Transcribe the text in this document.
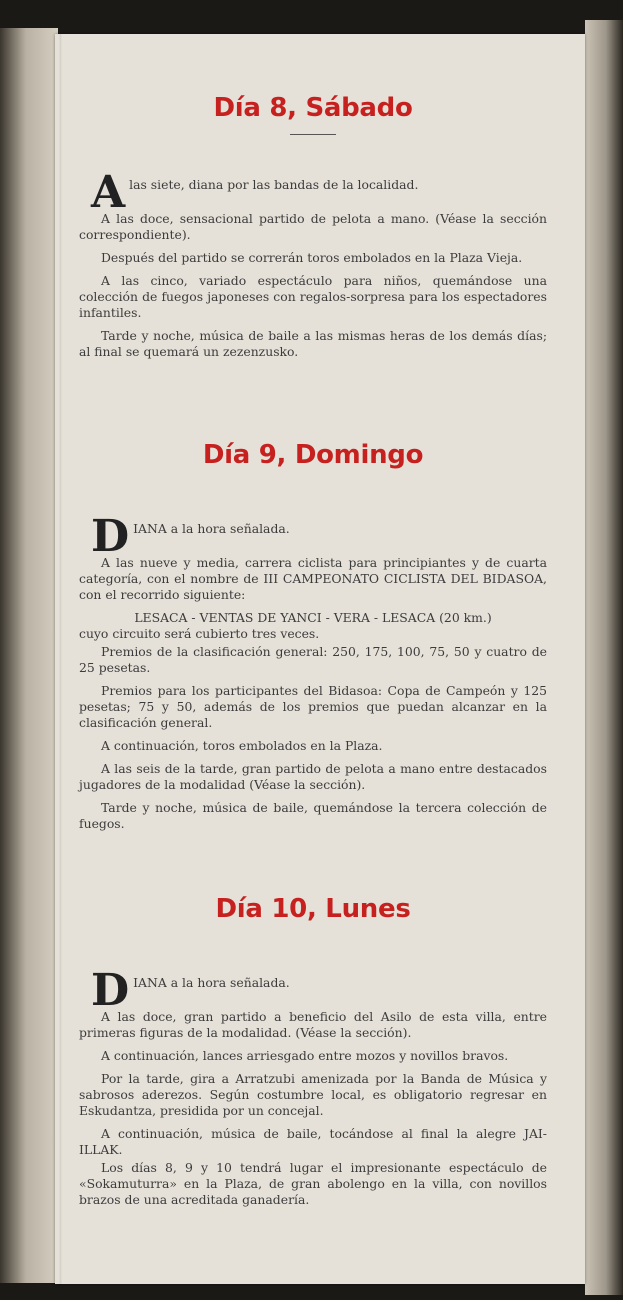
Día 8, Sábado

A las siete, diana por las bandas de la localidad.

A las doce, sensacional partido de pelota a mano. (Véase la sección correspondiente).

Después del partido se correrán toros embolados en la Plaza Vieja.

A las cinco, variado espectáculo para niños, quemándose una colección de fuegos japoneses con regalos-sorpresa para los espectadores infantiles.

Tarde y noche, música de baile a las mismas heras de los demás días; al final se quemará un zezenzusko.

Día 9, Domingo

D IANA a la hora señalada.

A las nueve y media, carrera ciclista para principiantes y de cuarta categoría, con el nombre de III CAMPEONATO CICLISTA DEL BIDASOA, con el recorrido siguiente:

LESACA - VENTAS DE YANCI - VERA - LESACA (20 km.)

cuyo circuito será cubierto tres veces.

Premios de la clasificación general: 250, 175, 100, 75, 50 y cuatro de 25 pesetas.

Premios para los participantes del Bidasoa: Copa de Campeón y 125 pesetas; 75 y 50, además de los premios que puedan alcanzar en la clasificación general.

A continuación, toros embolados en la Plaza.

A las seis de la tarde, gran partido de pelota a mano entre destacados jugadores de la modalidad (Véase la sección).

Tarde y noche, música de baile, quemándose la tercera colección de fuegos.

Día 10, Lunes

D IANA a la hora señalada.

A las doce, gran partido a beneficio del Asilo de esta villa, entre primeras figuras de la modalidad. (Véase la sección).

A continuación, lances arriesgado entre mozos y novillos bravos.

Por la tarde, gira a Arratzubi amenizada por la Banda de Música y sabrosos aderezos. Según costumbre local, es obligatorio regresar en Eskudantza, presidida por un concejal.

A continuación, música de baile, tocándose al final la alegre JAI-ILLAK.

Los días 8, 9 y 10 tendrá lugar el impresionante espectáculo de «Sokamuturra» en la Plaza, de gran abolengo en la villa, con novillos brazos de una acreditada ganadería.
